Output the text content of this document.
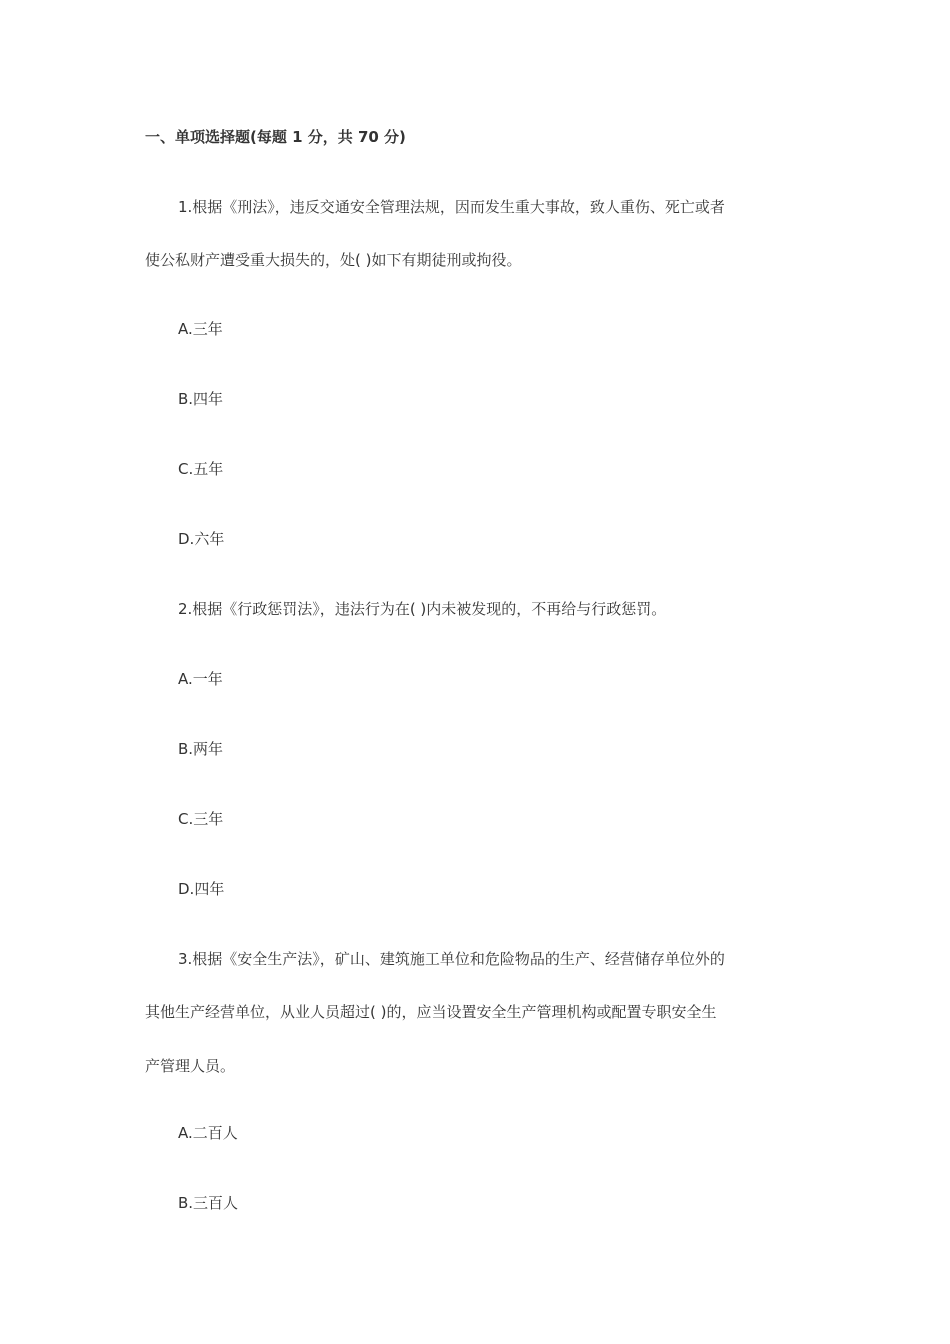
一、单项选择题(每题 1 分，共 70 分)
1.根据《刑法》，违反交通安全管理法规，因而发生重大事故，致人重伤、死亡或者
使公私财产遭受重大损失的，处( )如下有期徒刑或拘役。
A.三年
B.四年
C.五年
D.六年
2.根据《行政惩罚法》，违法行为在( )内未被发现的，不再给与行政惩罚。
A.一年
B.两年
C.三年
D.四年
3.根据《安全生产法》，矿山、建筑施工单位和危险物品的生产、经营储存单位外的
其他生产经营单位，从业人员超过( )的，应当设置安全生产管理机构或配置专职安全生
产管理人员。
A.二百人
B.三百人
